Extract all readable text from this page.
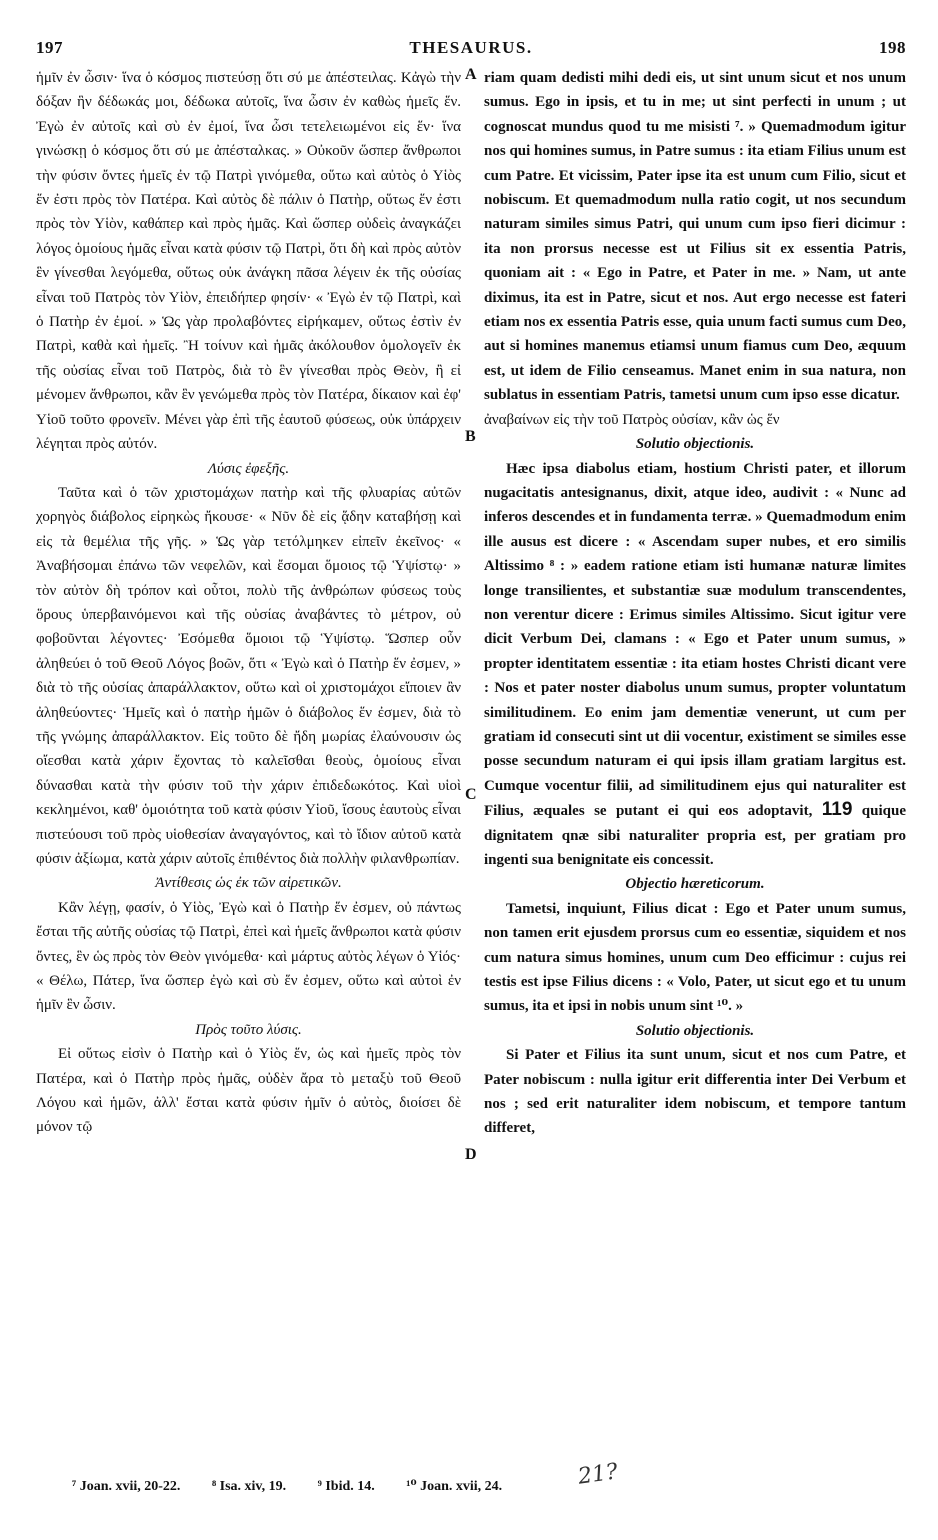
THESAURUS.
197	198

ἡμῖν ἐν ὦσιν· ἵνα ὁ κόσμος πιστεύσῃ ὅτι σύ με ἀπέστειλας. Κἀγὼ τὴν δόξαν ἣν δέδωκάς μοι, δέδωκα αὐτοῖς, ἵνα ὦσιν ἐν καθὼς ἡμεῖς ἕν. Ἐγὼ ἐν αὐτοῖς καὶ σὺ ἐν ἐμοί, ἵνα ὦσι τετελειωμένοι εἰς ἕν· ἵνα γινώσκῃ ὁ κόσμος ὅτι σύ με ἀπέσταλκας. » Οὐκοῦν ὥσπερ ἄνθρωποι τὴν φύσιν ὄντες ἡμεῖς ἐν τῷ Πατρὶ γινόμεθα, οὕτω καὶ αὐτὸς ὁ Υἱὸς ἕν ἐστι πρὸς τὸν Πατέρα. Καὶ αὐτὸς δὲ πάλιν ὁ Πατὴρ, οὕτως ἕν ἐστι πρὸς τὸν Υἱὸν, καθάπερ καὶ πρὸς ἡμᾶς. Καὶ ὥσπερ οὐδεὶς ἀναγκάζει λόγος ὁμοίους ἡμᾶς εἶναι κατὰ φύσιν τῷ Πατρὶ, ὅτι δὴ καὶ πρὸς αὐτὸν ἓν γίνεσθαι λεγόμεθα, οὕτως οὐκ ἀνάγκη πᾶσα λέγειν ἐκ τῆς οὐσίας εἶναι τοῦ Πατρὸς τὸν Υἱὸν, ἐπειδήπερ φησίν· « Ἐγὼ ἐν τῷ Πατρὶ, καὶ ὁ Πατὴρ ἐν ἐμοί. » Ὡς γὰρ προλαβόντες εἰρήκαμεν, οὕτως ἐστὶν ἐν Πατρὶ, καθὰ καὶ ἡμεῖς. Ἢ τοίνυν καὶ ἡμᾶς ἀκόλουθον ὁμολογεῖν ἐκ τῆς οὐσίας εἶναι τοῦ Πατρὸς, διὰ τὸ ἓν γίνεσθαι πρὸς Θεὸν, ἢ εἰ μένομεν ἄνθρωποι, κἂν ἓν γενώμεθα πρὸς τὸν Πατέρα, δίκαιον καὶ ἐφ' Υἱοῦ τοῦτο φρονεῖν. Μένει γὰρ ἐπὶ τῆς ἑαυτοῦ φύσεως, οὐκ ὑπάρχειν λέγηται πρὸς αὐτόν.

Λύσις ἐφεξῆς.

Ταῦτα καὶ ὁ τῶν χριστομάχων πατὴρ καὶ τῆς φλυαρίας αὐτῶν χορηγὸς διάβολος εἰρηκὼς ἤκουσε· « Νῦν δὲ εἰς ᾅδην καταβήσῃ καὶ εἰς τὰ θεμέλια τῆς γῆς. » Ὡς γὰρ τετόλμηκεν εἰπεῖν ἐκεῖνος· « Ἀναβήσομαι ἐπάνω τῶν νεφελῶν, καὶ ἔσομαι ὅμοιος τῷ Ὑψίστῳ· » τὸν αὐτὸν δὴ τρόπον καὶ οὗτοι, πολὺ τῆς ἀνθρώπων φύσεως τοὺς ὅρους ὑπερβαινόμενοι καὶ τῆς οὐσίας ἀναβάντες τὸ μέτρον, οὐ φοβοῦνται λέγοντες· Ἐσόμεθα ὅμοιοι τῷ Ὑψίστῳ. Ὥσπερ οὖν ἀληθεύει ὁ τοῦ Θεοῦ Λόγος βοῶν, ὅτι « Ἐγὼ καὶ ὁ Πατὴρ ἕν ἐσμεν, » διὰ τὸ τῆς οὐσίας ἀπαράλλακτον, οὕτω καὶ οἱ χριστομάχοι εἴποιεν ἂν ἀληθεύοντες· Ἡμεῖς καὶ ὁ πατὴρ ἡμῶν ὁ διάβολος ἕν ἐσμεν, διὰ τὸ τῆς γνώμης ἀπαράλλακτον. Εἰς τοῦτο δὲ ἤδη μωρίας ἐλαύνουσιν ὡς οἴεσθαι κατὰ χάριν ἔχοντας τὸ καλεῖσθαι θεοὺς, ὁμοίους εἶναι δύνασθαι κατὰ τὴν φύσιν τοῦ τὴν χάριν ἐπιδεδωκότος. Καὶ υἱοὶ κεκλημένοι, καθ' ὁμοιότητα τοῦ κατὰ φύσιν Υἱοῦ, ἴσους ἑαυτοὺς εἶναι πιστεύουσι τοῦ πρὸς υἱοθεσίαν ἀναγαγόντος, καὶ τὸ ἴδιον αὐτοῦ κατὰ φύσιν ἀξίωμα, κατὰ χάριν αὐτοῖς ἐπιθέντος διὰ πολλὴν φιλανθρωπίαν.

Ἀντίθεσις ὡς ἐκ τῶν αἱρετικῶν.

Κἂν λέγῃ, φασίν, ὁ Υἱὸς, Ἐγὼ καὶ ὁ Πατὴρ ἕν ἐσμεν, οὐ πάντως ἔσται τῆς αὐτῆς οὐσίας τῷ Πατρὶ, ἐπεὶ καὶ ἡμεῖς ἄνθρωποι κατὰ φύσιν ὄντες, ἓν ὡς πρὸς τὸν Θεὸν γινόμεθα· καὶ μάρτυς αὐτὸς λέγων ὁ Υἱός· « Θέλω, Πάτερ, ἵνα ὥσπερ ἐγὼ καὶ σὺ ἕν ἐσμεν, οὕτω καὶ αὐτοὶ ἐν ἡμῖν ἓν ὦσιν.

Πρὸς τοῦτο λύσις.

Εἰ οὕτως εἰσὶν ὁ Πατὴρ καὶ ὁ Υἱὸς ἕν, ὡς καὶ ἡμεῖς πρὸς τὸν Πατέρα, καὶ ὁ Πατὴρ πρὸς ἡμᾶς, οὐδὲν ἄρα τὸ μεταξὺ τοῦ Θεοῦ Λόγου καὶ ἡμῶν, ἀλλ' ἔσται κατὰ φύσιν ἡμῖν ὁ αὐτὸς, διοίσει δὲ μόνον τῷ

A
B
C
D

riam quam dedisti mihi dedi eis, ut sint unum sicut et nos unum sumus. Ego in ipsis, et tu in me; ut sint perfecti in unum ; ut cognoscat mundus quod tu me misisti ⁷. » Quemadmodum igitur nos qui homines sumus, in Patre sumus : ita etiam Filius unum est cum Patre. Et vicissim, Pater ipse ita est unum cum Filio, sicut et nobiscum. Et quemadmodum nulla ratio cogit, ut nos secundum naturam similes simus Patri, qui unum cum ipso fieri dicimur : ita non prorsus necesse est ut Filius sit ex essentia Patris, quoniam ait : « Ego in Patre, et Pater in me. » Nam, ut ante diximus, ita est in Patre, sicut et nos. Aut ergo necesse est fateri etiam nos ex essentia Patris esse, quia unum facti sumus cum Deo, aut si homines manemus etiamsi unum fiamus cum Deo, æquum est, ut idem de Filio censeamus. Manet enim in sua natura, non sublatus in essentiam Patris, tametsi unum cum ipso esse dicatur.

ἀναβαίνων εἰς τὴν τοῦ Πατρὸς οὐσίαν, κἂν ὡς ἕν

Solutio objectionis.

Hæc ipsa diabolus etiam, hostium Christi pater, et illorum nugacitatis antesignanus, dixit, atque ideo, audivit : « Nunc ad inferos descendes et in fundamenta terræ. » Quemadmodum enim ille ausus est dicere : « Ascendam super nubes, et ero similis Altissimo ⁸ : » eadem ratione etiam isti humanæ naturæ limites longe transilientes, et substantiæ suæ modulum transcendentes, non verentur dicere : Erimus similes Altissimo. Sicut igitur vere dicit Verbum Dei, clamans : « Ego et Pater unum sumus, » propter identitatem essentiæ : ita etiam hostes Christi dicant vere : Nos et pater noster diabolus unum sumus, propter voluntatum similitudinem. Eo enim jam dementiæ venerunt, ut cum per gratiam id consecuti sint ut dii vocentur, existiment se similes esse posse secundum naturam ei qui ipsis illam gratiam largitus est. Cumque vocentur filii, ad similitudinem ejus qui naturaliter est Filius, æquales se putant ei qui eos adoptavit, 119 quique dignitatem qnæ sibi naturaliter propria est, per gratiam pro ingenti sua benignitate eis concessit.

Objectio hæreticorum.

Tametsi, inquiunt, Filius dicat : Ego et Pater unum sumus, non tamen erit ejusdem prorsus cum eo essentiæ, siquidem et nos cum natura simus homines, unum cum Deo efficimur : cujus rei testis est ipse Filius dicens : « Volo, Pater, ut sicut ego et tu unum sumus, ita et ipsi in nobis unum sint ¹⁰. »

Solutio objectionis.

Si Pater et Filius ita sunt unum, sicut et nos cum Patre, et Pater nobiscum : nulla igitur erit differentia inter Dei Verbum et nos ; sed erit naturaliter idem nobiscum, et tempore tantum differet,

21?
⁷ Joan. xvii, 20-22. ⁸ Isa. xiv, 19. ⁹ Ibid. 14. ¹⁰ Joan. xvii, 24.
